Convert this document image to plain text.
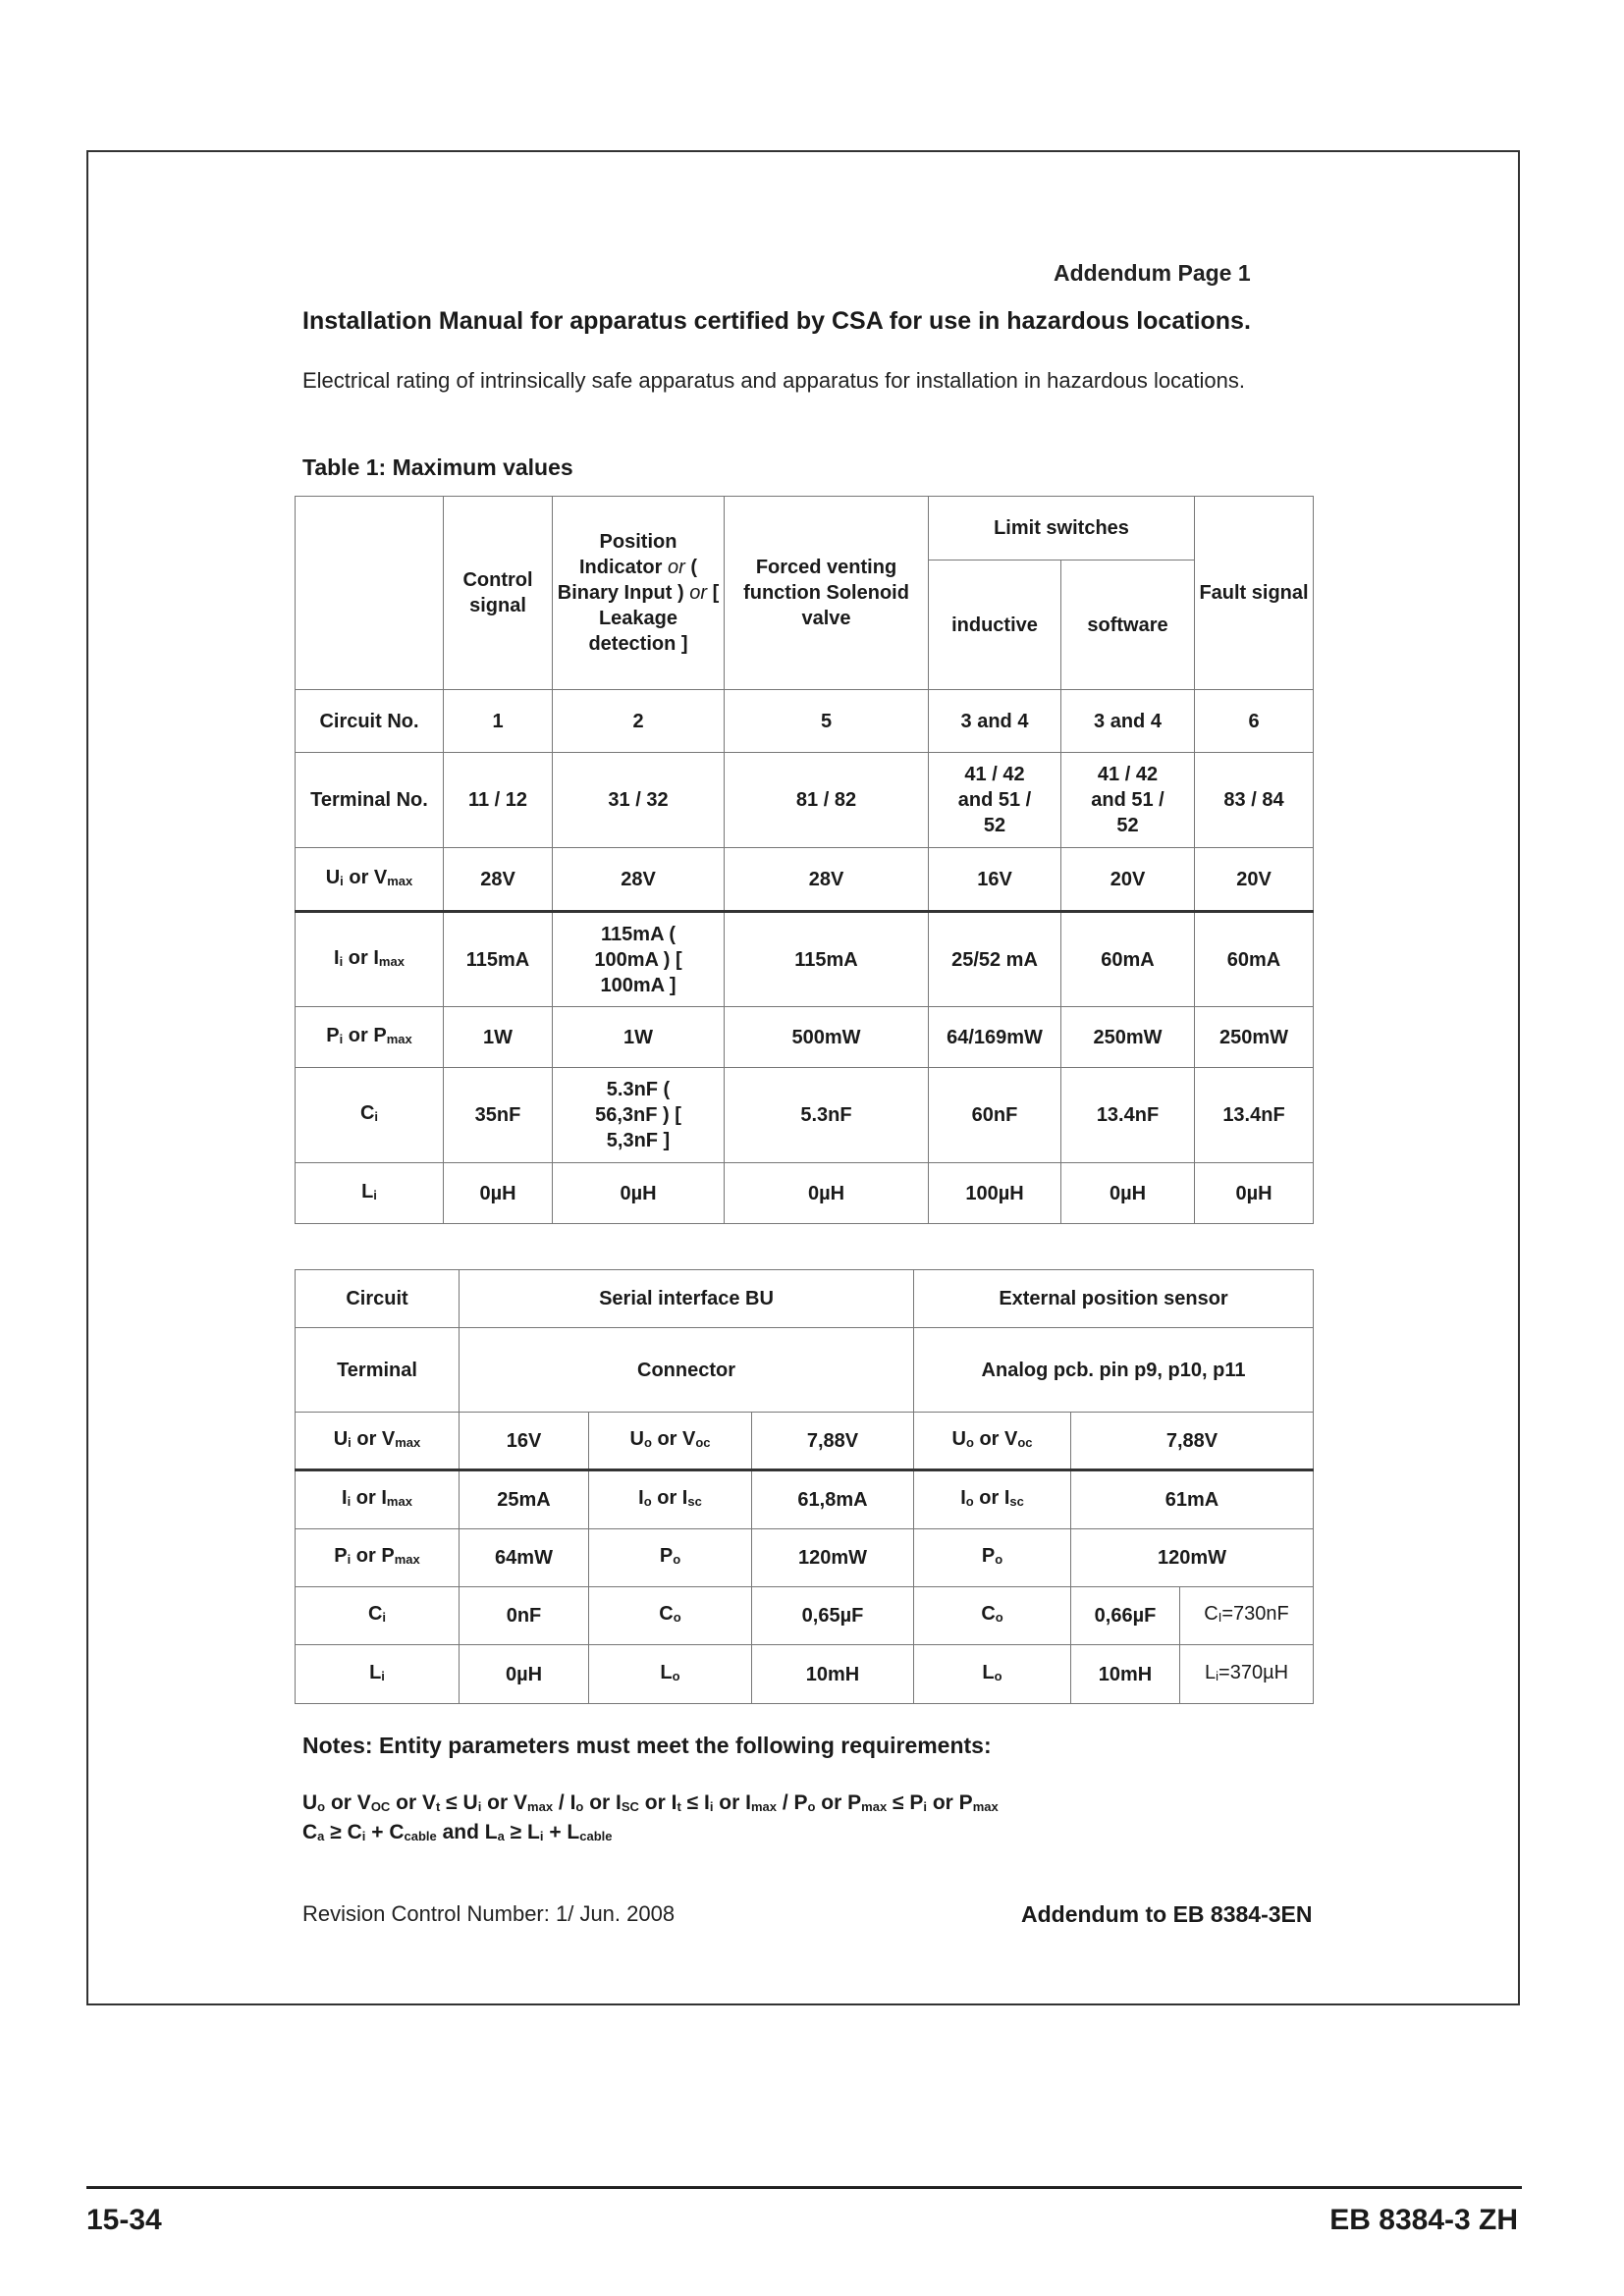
Addendum Page 1
Installation Manual for apparatus certified by CSA for use in hazardous locations.
Electrical rating of intrinsically safe apparatus and apparatus for installation in hazardous locations.
Table 1: Maximum values
	Control signal	Position Indicator or ( Binary Input ) or [ Leakage detection ]	Forced venting function Solenoid valve	Limit switches		Fault signal
				inductive	software	
Circuit No.	1	2	5	3 and 4	3 and 4	6
Terminal No.	11 / 12	31 / 32	81 / 82	41 / 42 and 51 / 52	41 / 42 and 51 / 52	83 / 84
$U_i$ or $V_{max}$	28V	28V	28V	16V	20V	20V
$I_i$ or $I_{max}$	115mA	115mA ( 100mA ) [ 100mA ]	115mA	25/52 mA	60mA	60mA
$P_i$ or $P_{max}$	1W	1W	500mW	64/169mW	250mW	250mW
$C_i$	35nF	5.3nF ( 56,3nF ) [ 5,3nF ]	5.3nF	60nF	13.4nF	13.4nF
$L_i$	0µH	0µH	0µH	100µH	0µH	0µH
Circuit	Serial interface BU			External position sensor		
Terminal	Connector			Analog pcb. pin p9, p10, p11		
$U_i$ or $V_{max}$	16V	$U_o$ or $V_{oc}$	7,88V	$U_o$ or $V_{oc}$	7,88V	
$I_i$ or $I_{max}$	25mA	$I_o$ or $I_{sc}$	61,8mA	$I_o$ or $I_{sc}$	61mA	
$P_i$ or $P_{max}$	64mW	$P_o$	120mW	$P_o$	120mW	
$C_i$	0nF	$C_o$	0,65µF	$C_o$	0,66µF	$C_I=730nF$
$L_i$	0µH	$L_o$	10mH	$L_o$	10mH	$L_i=370\mu H$
Notes: Entity parameters must meet the following requirements:
$U_o$ or $V_{OC}$ or $V_t \le U_i$ or $V_{max} / I_o$ or $I_{SC}$ or $I_t \le I_i$ or $I_{max} / P_o$ or $P_{max} \le P_i$ or $P_{max}$
$C_a \ge C_i + C_{cable}$ and $L_a \ge L_i + L_{cable}$
Revision Control Number: 1/ Jun. 2008	Addendum to EB 8384-3EN
15-34	EB 8384-3 ZH
